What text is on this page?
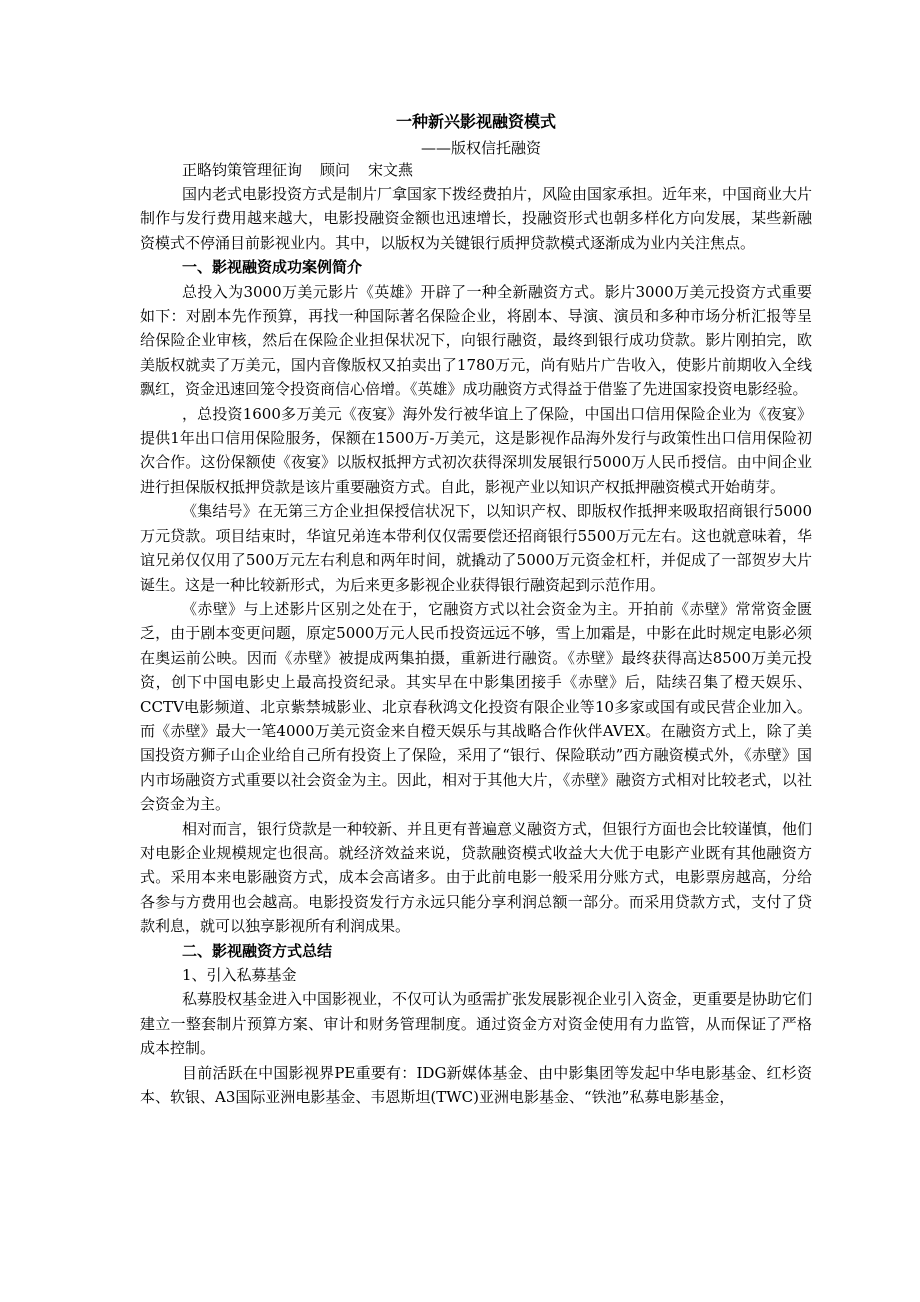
一种新兴影视融资模式
——版权信托融资
正略钧策管理征询 顾问 宋文燕

国内老式电影投资方式是制片厂拿国家下拨经费拍片，风险由国家承担。近年来，中国商业大片制作与发行费用越来越大，电影投融资金额也迅速增长，投融资形式也朝多样化方向发展，某些新融资模式不停涌目前影视业内。其中，以版权为关键银行质押贷款模式逐渐成为业内关注焦点。

一、影视融资成功案例简介

总投入为3000万美元影片《英雄》开辟了一种全新融资方式。影片3000万美元投资方式重要如下：对剧本先作预算，再找一种国际著名保险企业，将剧本、导演、演员和多种市场分析汇报等呈给保险企业审核，然后在保险企业担保状况下，向银行融资，最终到银行成功贷款。影片刚拍完，欧美版权就卖了万美元，国内音像版权又拍卖出了1780万元，尚有贴片广告收入，使影片前期收入全线飘红，资金迅速回笼令投资商信心倍增。《英雄》成功融资方式得益于借鉴了先进国家投资电影经验。

，总投资1600多万美元《夜宴》海外发行被华谊上了保险，中国出口信用保险企业为《夜宴》提供1年出口信用保险服务，保额在1500万-万美元，这是影视作品海外发行与政策性出口信用保险初次合作。这份保额使《夜宴》以版权抵押方式初次获得深圳发展银行5000万人民币授信。由中间企业进行担保版权抵押贷款是该片重要融资方式。自此，影视产业以知识产权抵押融资模式开始萌芽。

《集结号》在无第三方企业担保授信状况下，以知识产权、即版权作抵押来吸取招商银行5000万元贷款。项目结束时，华谊兄弟连本带利仅仅需要偿还招商银行5500万元左右。这也就意味着，华谊兄弟仅仅用了500万元左右利息和两年时间，就撬动了5000万元资金杠杆，并促成了一部贺岁大片诞生。这是一种比较新形式，为后来更多影视企业获得银行融资起到示范作用。

《赤壁》与上述影片区别之处在于，它融资方式以社会资金为主。开拍前《赤壁》常常资金匮乏，由于剧本变更问题，原定5000万元人民币投资远远不够，雪上加霜是，中影在此时规定电影必须在奥运前公映。因而《赤壁》被提成两集拍摄，重新进行融资。《赤壁》最终获得高达8500万美元投资，创下中国电影史上最高投资纪录。其实早在中影集团接手《赤壁》后，陆续召集了橙天娱乐、CCTV电影频道、北京紫禁城影业、北京春秋鸿文化投资有限企业等10多家或国有或民营企业加入。而《赤壁》最大一笔4000万美元资金来自橙天娱乐与其战略合作伙伴AVEX。在融资方式上，除了美国投资方狮子山企业给自己所有投资上了保险，采用了“银行、保险联动”西方融资模式外，《赤壁》国内市场融资方式重要以社会资金为主。因此，相对于其他大片，《赤壁》融资方式相对比较老式，以社会资金为主。

相对而言，银行贷款是一种较新、并且更有普遍意义融资方式，但银行方面也会比较谨慎，他们对电影企业规模规定也很高。就经济效益来说，贷款融资模式收益大大优于电影产业既有其他融资方式。采用本来电影融资方式，成本会高诸多。由于此前电影一般采用分账方式，电影票房越高，分给各参与方费用也会越高。电影投资发行方永远只能分享利润总额一部分。而采用贷款方式，支付了贷款利息，就可以独享影视所有利润成果。

二、影视融资方式总结

1、引入私募基金

私募股权基金进入中国影视业，不仅可认为亟需扩张发展影视企业引入资金，更重要是协助它们建立一整套制片预算方案、审计和财务管理制度。通过资金方对资金使用有力监管，从而保证了严格成本控制。

目前活跃在中国影视界PE重要有：IDG新媒体基金、由中影集团等发起中华电影基金、红杉资本、软银、A3国际亚洲电影基金、韦恩斯坦(TWC)亚洲电影基金、“铁池”私募电影基金，
